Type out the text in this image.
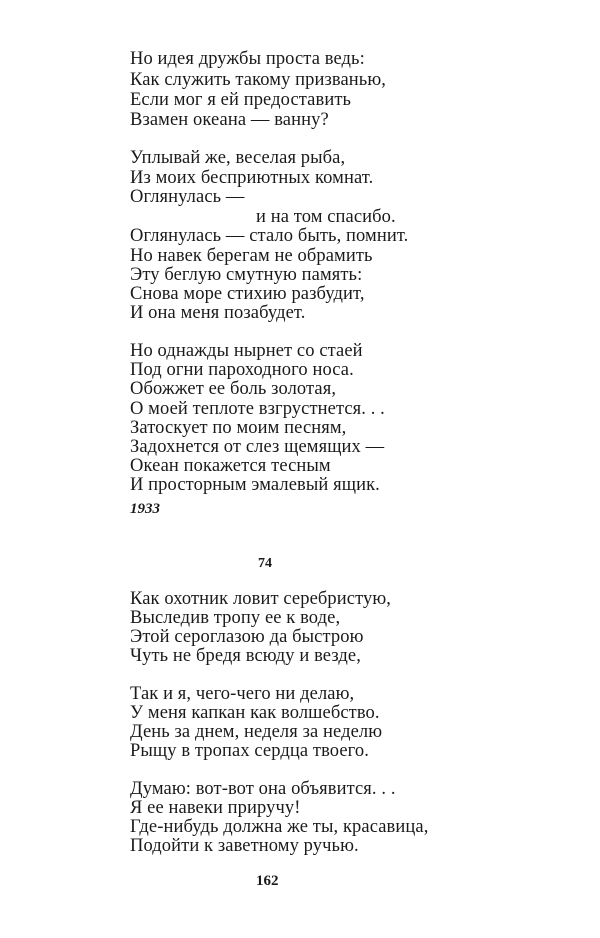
Но идея дружбы проста ведь:
Как служить такому призванью,
Если мог я ей предоставить
Взамен океана — ванну?
Уплывай же, веселая рыба,
Из моих бесприютных комнат.
Оглянулась —
и на том спасибо.
Оглянулась — стало быть, помнит.
Но навек берегам не обрамить
Эту беглую смутную память:
Снова море стихию разбудит,
И она меня позабудет.
Но однажды нырнет со стаей
Под огни пароходного носа.
Обожжет ее боль золотая,
О моей теплоте взгрустнется. . .
Затоскует по моим песням,
Задохнется от слез щемящих —
Океан покажется тесным
И просторным эмалевый ящик.
1933
74
Как охотник ловит серебристую,
Выследив тропу ее к воде,
Этой сероглазою да быстрою
Чуть не бредя всюду и везде,
Так и я, чего-чего ни делаю,
У меня капкан как волшебство.
День за днем, неделя за неделю
Рыщу в тропах сердца твоего.
Думаю: вот-вот она объявится. . .
Я ее навеки приручу!
Где-нибудь должна же ты, красавица,
Подойти к заветному ручью.
162
